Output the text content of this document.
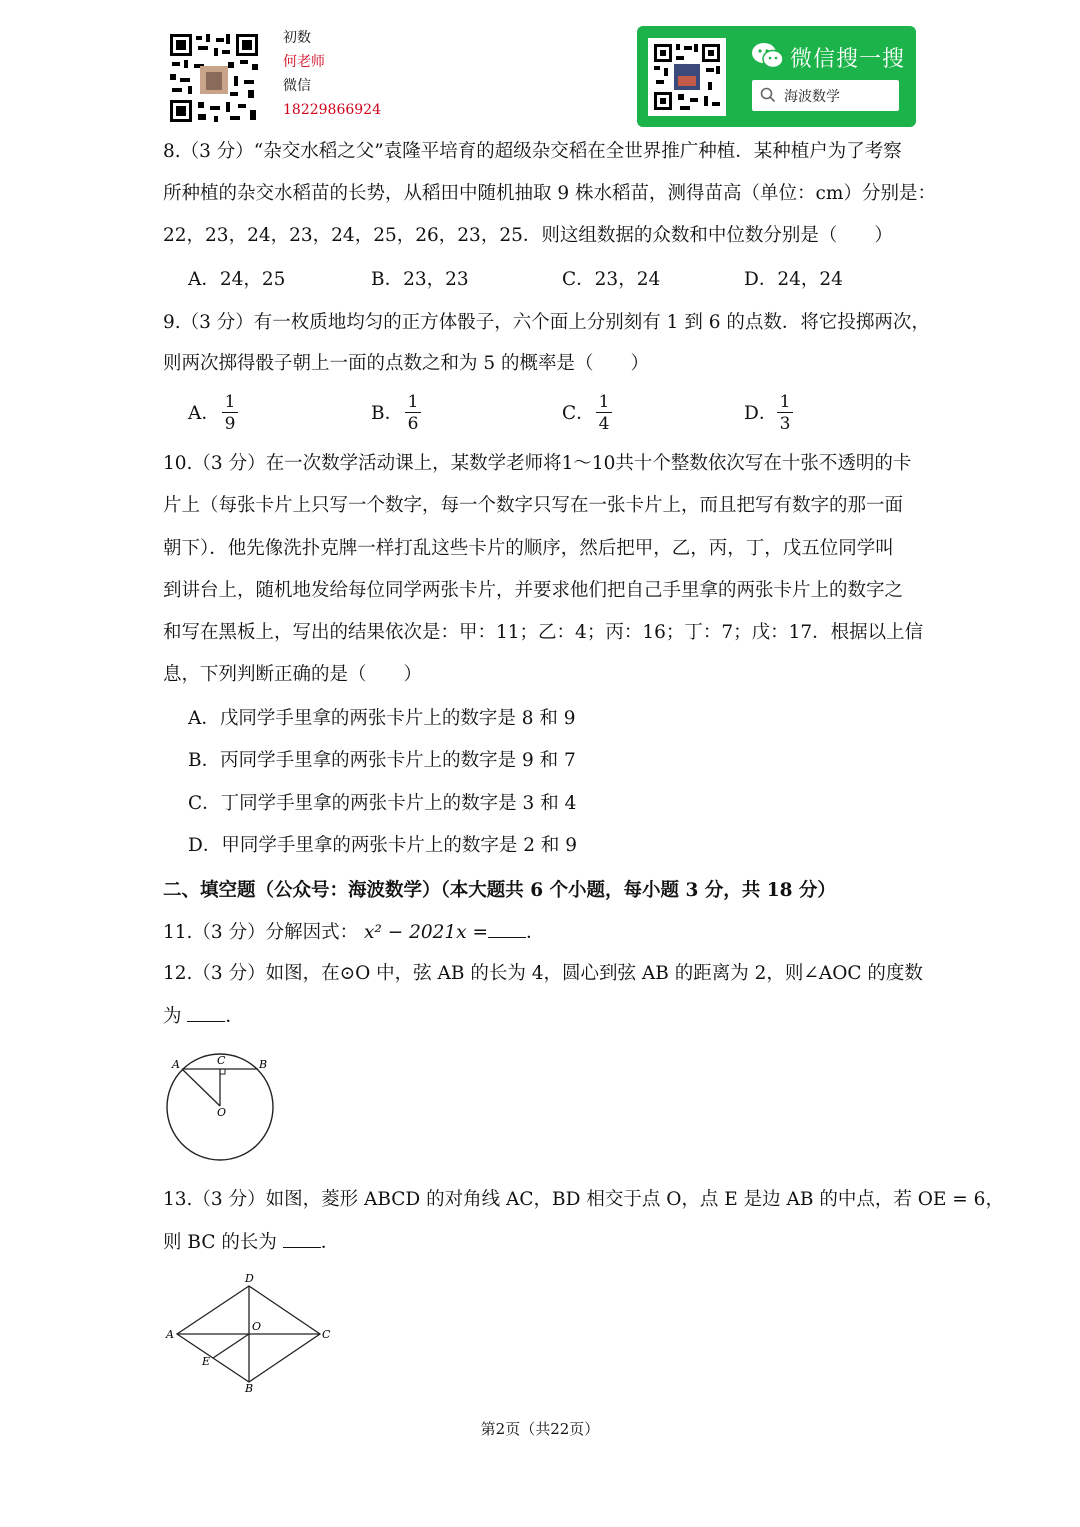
初数
何老师
微信
18229866924
微信搜一搜
海波数学
8.（3 分）“杂交水稻之父”袁隆平培育的超级杂交稻在全世界推广种植．某种植户为了考察
所种植的杂交水稻苗的长势，从稻田中随机抽取 9 株水稻苗，测得苗高（单位：cm）分别是：
22，23，24，23，24，25，26，23，25．则这组数据的众数和中位数分别是（　　）
A．24，25	B．23，23	C．23，24	D．24，24
9.（3 分）有一枚质地均匀的正方体骰子，六个面上分别刻有 1 到 6 的点数．将它投掷两次，
则两次掷得骰子朝上一面的点数之和为 5 的概率是（　　）
A． $\frac{1}{9}$	B． $\frac{1}{6}$	C． $\frac{1}{4}$	D． $\frac{1}{3}$
10.（3 分）在一次数学活动课上，某数学老师将1～10共十个整数依次写在十张不透明的卡
片上（每张卡片上只写一个数字，每一个数字只写在一张卡片上，而且把写有数字的那一面
朝下）．他先像洗扑克牌一样打乱这些卡片的顺序，然后把甲，乙，丙，丁，戊五位同学叫
到讲台上，随机地发给每位同学两张卡片，并要求他们把自己手里拿的两张卡片上的数字之
和写在黑板上，写出的结果依次是：甲：11；乙：4；丙：16；丁：7；戊：17．根据以上信
息，下列判断正确的是（　　）
A．戊同学手里拿的两张卡片上的数字是 8 和 9
B．丙同学手里拿的两张卡片上的数字是 9 和 7
C．丁同学手里拿的两张卡片上的数字是 3 和 4
D．甲同学手里拿的两张卡片上的数字是 2 和 9
二、填空题（公众号：海波数学）（本大题共 6 个小题，每小题 3 分，共 18 分）
11.（3 分）分解因式： x² − 2021x = ．
12.（3 分）如图，在⊙O 中，弦 AB 的长为 4，圆心到弦 AB 的距离为 2，则∠AOC 的度数
为 ．
A	C	B
O
13.（3 分）如图，菱形 ABCD 的对角线 AC，BD 相交于点 O，点 E 是边 AB 的中点，若 OE = 6，
则 BC 的长为 ．
D
A
O
C
E
B
第2页（共22页）
